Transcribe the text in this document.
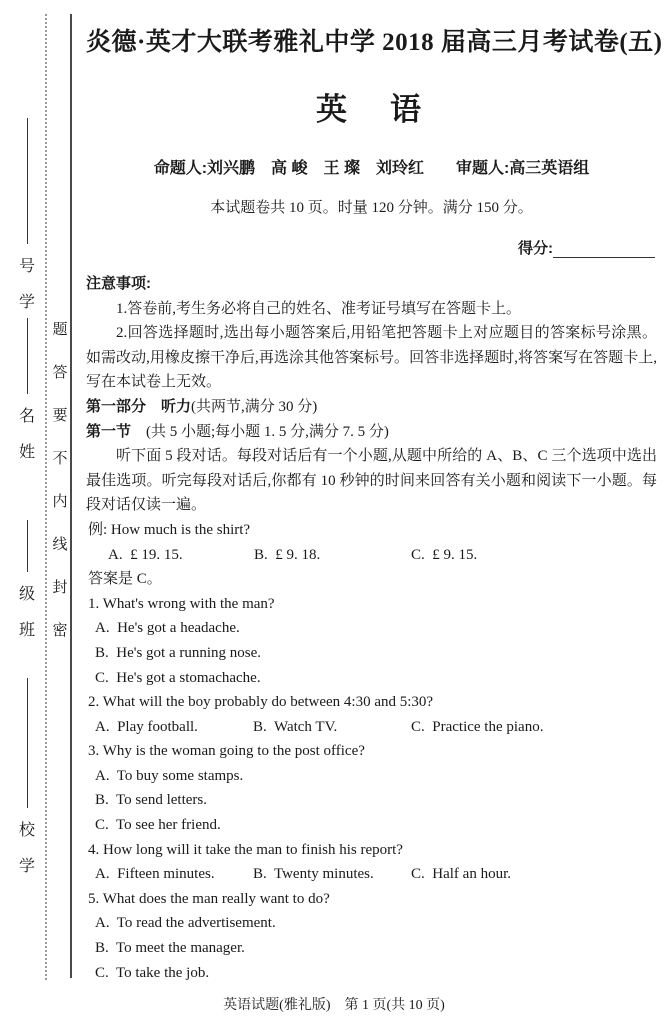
号
学
名
姓
级
班
校
学
题
答
要
不
内
线
封
密
炎德·英才大联考雅礼中学 2018 届高三月考试卷(五)
英　语
命题人:刘兴鹏　高 峻　王 璨　刘玲红　　审题人:高三英语组
本试题卷共 10 页。时量 120 分钟。满分 150 分。
得分:

注意事项:

1.答卷前,考生务必将自己的姓名、准考证号填写在答题卡上。

2.回答选择题时,选出每小题答案后,用铅笔把答题卡上对应题目的答案标号涂黑。如需改动,用橡皮擦干净后,再选涂其他答案标号。回答非选择题时,将答案写在答题卡上,写在本试卷上无效。

第一部分　听力(共两节,满分 30 分)

第一节　(共 5 小题;每小题 1. 5 分,满分 7. 5 分)

听下面 5 段对话。每段对话后有一个小题,从题中所给的 A、B、C 三个选项中选出最佳选项。听完每段对话后,你都有 10 秒钟的时间来回答有关小题和阅读下一小题。每段对话仅读一遍。

例: How much is the shirt?

A.  £ 19. 15.	B.  £ 9. 18.	C.  £ 9. 15.

答案是 C。

1. What's wrong with the man?

A.  He's got a headache.

B.  He's got a running nose.

C.  He's got a stomachache.

2. What will the boy probably do between 4:30 and 5:30?

A.  Play football.	B.  Watch TV.	C.  Practice the piano.

3. Why is the woman going to the post office?

A.  To buy some stamps.

B.  To send letters.

C.  To see her friend.

4. How long will it take the man to finish his report?

A.  Fifteen minutes.	B.  Twenty minutes. C.  Half an hour.

5. What does the man really want to do?

A.  To read the advertisement.

B.  To meet the manager.

C.  To take the job.

英语试题(雅礼版)　第 1 页(共 10 页)
